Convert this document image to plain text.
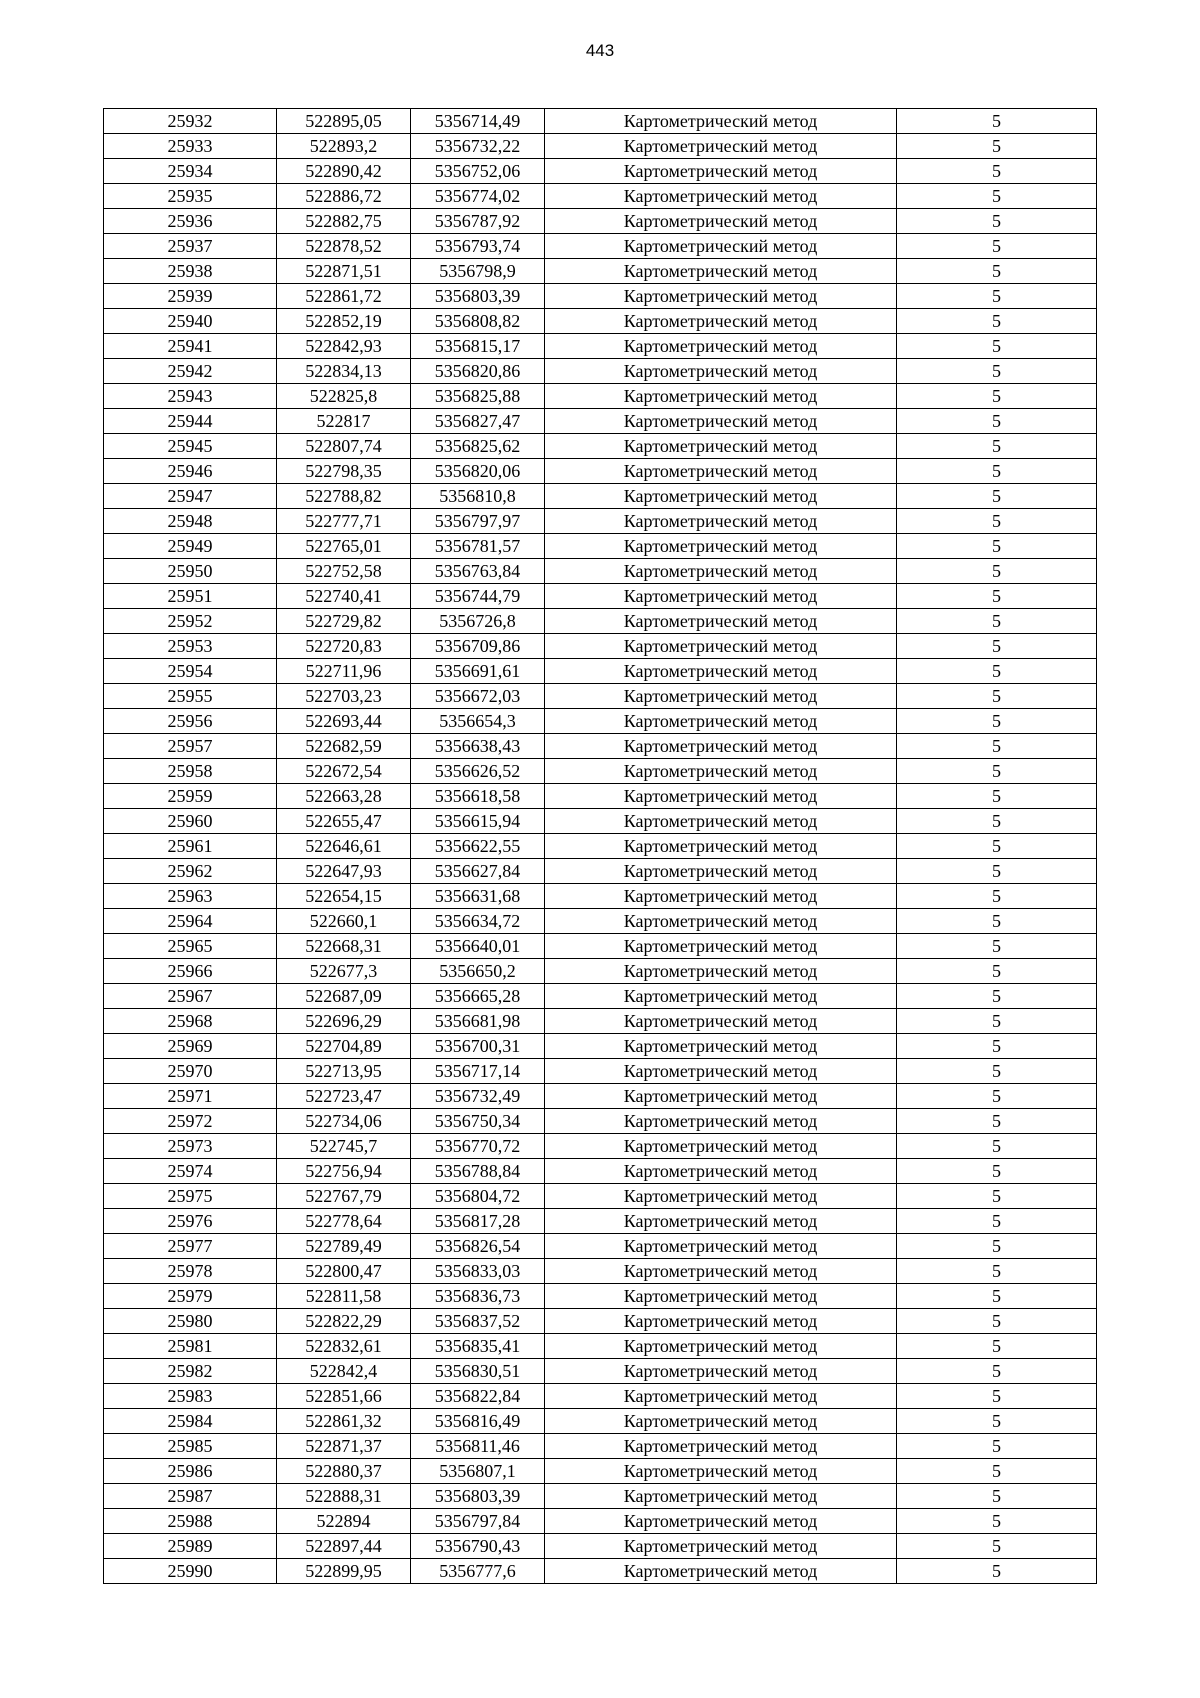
443
25932	522895,05	5356714,49	Картометрический метод	5
25933	522893,2	5356732,22	Картометрический метод	5
25934	522890,42	5356752,06	Картометрический метод	5
25935	522886,72	5356774,02	Картометрический метод	5
25936	522882,75	5356787,92	Картометрический метод	5
25937	522878,52	5356793,74	Картометрический метод	5
25938	522871,51	5356798,9	Картометрический метод	5
25939	522861,72	5356803,39	Картометрический метод	5
25940	522852,19	5356808,82	Картометрический метод	5
25941	522842,93	5356815,17	Картометрический метод	5
25942	522834,13	5356820,86	Картометрический метод	5
25943	522825,8	5356825,88	Картометрический метод	5
25944	522817	5356827,47	Картометрический метод	5
25945	522807,74	5356825,62	Картометрический метод	5
25946	522798,35	5356820,06	Картометрический метод	5
25947	522788,82	5356810,8	Картометрический метод	5
25948	522777,71	5356797,97	Картометрический метод	5
25949	522765,01	5356781,57	Картометрический метод	5
25950	522752,58	5356763,84	Картометрический метод	5
25951	522740,41	5356744,79	Картометрический метод	5
25952	522729,82	5356726,8	Картометрический метод	5
25953	522720,83	5356709,86	Картометрический метод	5
25954	522711,96	5356691,61	Картометрический метод	5
25955	522703,23	5356672,03	Картометрический метод	5
25956	522693,44	5356654,3	Картометрический метод	5
25957	522682,59	5356638,43	Картометрический метод	5
25958	522672,54	5356626,52	Картометрический метод	5
25959	522663,28	5356618,58	Картометрический метод	5
25960	522655,47	5356615,94	Картометрический метод	5
25961	522646,61	5356622,55	Картометрический метод	5
25962	522647,93	5356627,84	Картометрический метод	5
25963	522654,15	5356631,68	Картометрический метод	5
25964	522660,1	5356634,72	Картометрический метод	5
25965	522668,31	5356640,01	Картометрический метод	5
25966	522677,3	5356650,2	Картометрический метод	5
25967	522687,09	5356665,28	Картометрический метод	5
25968	522696,29	5356681,98	Картометрический метод	5
25969	522704,89	5356700,31	Картометрический метод	5
25970	522713,95	5356717,14	Картометрический метод	5
25971	522723,47	5356732,49	Картометрический метод	5
25972	522734,06	5356750,34	Картометрический метод	5
25973	522745,7	5356770,72	Картометрический метод	5
25974	522756,94	5356788,84	Картометрический метод	5
25975	522767,79	5356804,72	Картометрический метод	5
25976	522778,64	5356817,28	Картометрический метод	5
25977	522789,49	5356826,54	Картометрический метод	5
25978	522800,47	5356833,03	Картометрический метод	5
25979	522811,58	5356836,73	Картометрический метод	5
25980	522822,29	5356837,52	Картометрический метод	5
25981	522832,61	5356835,41	Картометрический метод	5
25982	522842,4	5356830,51	Картометрический метод	5
25983	522851,66	5356822,84	Картометрический метод	5
25984	522861,32	5356816,49	Картометрический метод	5
25985	522871,37	5356811,46	Картометрический метод	5
25986	522880,37	5356807,1	Картометрический метод	5
25987	522888,31	5356803,39	Картометрический метод	5
25988	522894	5356797,84	Картометрический метод	5
25989	522897,44	5356790,43	Картометрический метод	5
25990	522899,95	5356777,6	Картометрический метод	5
